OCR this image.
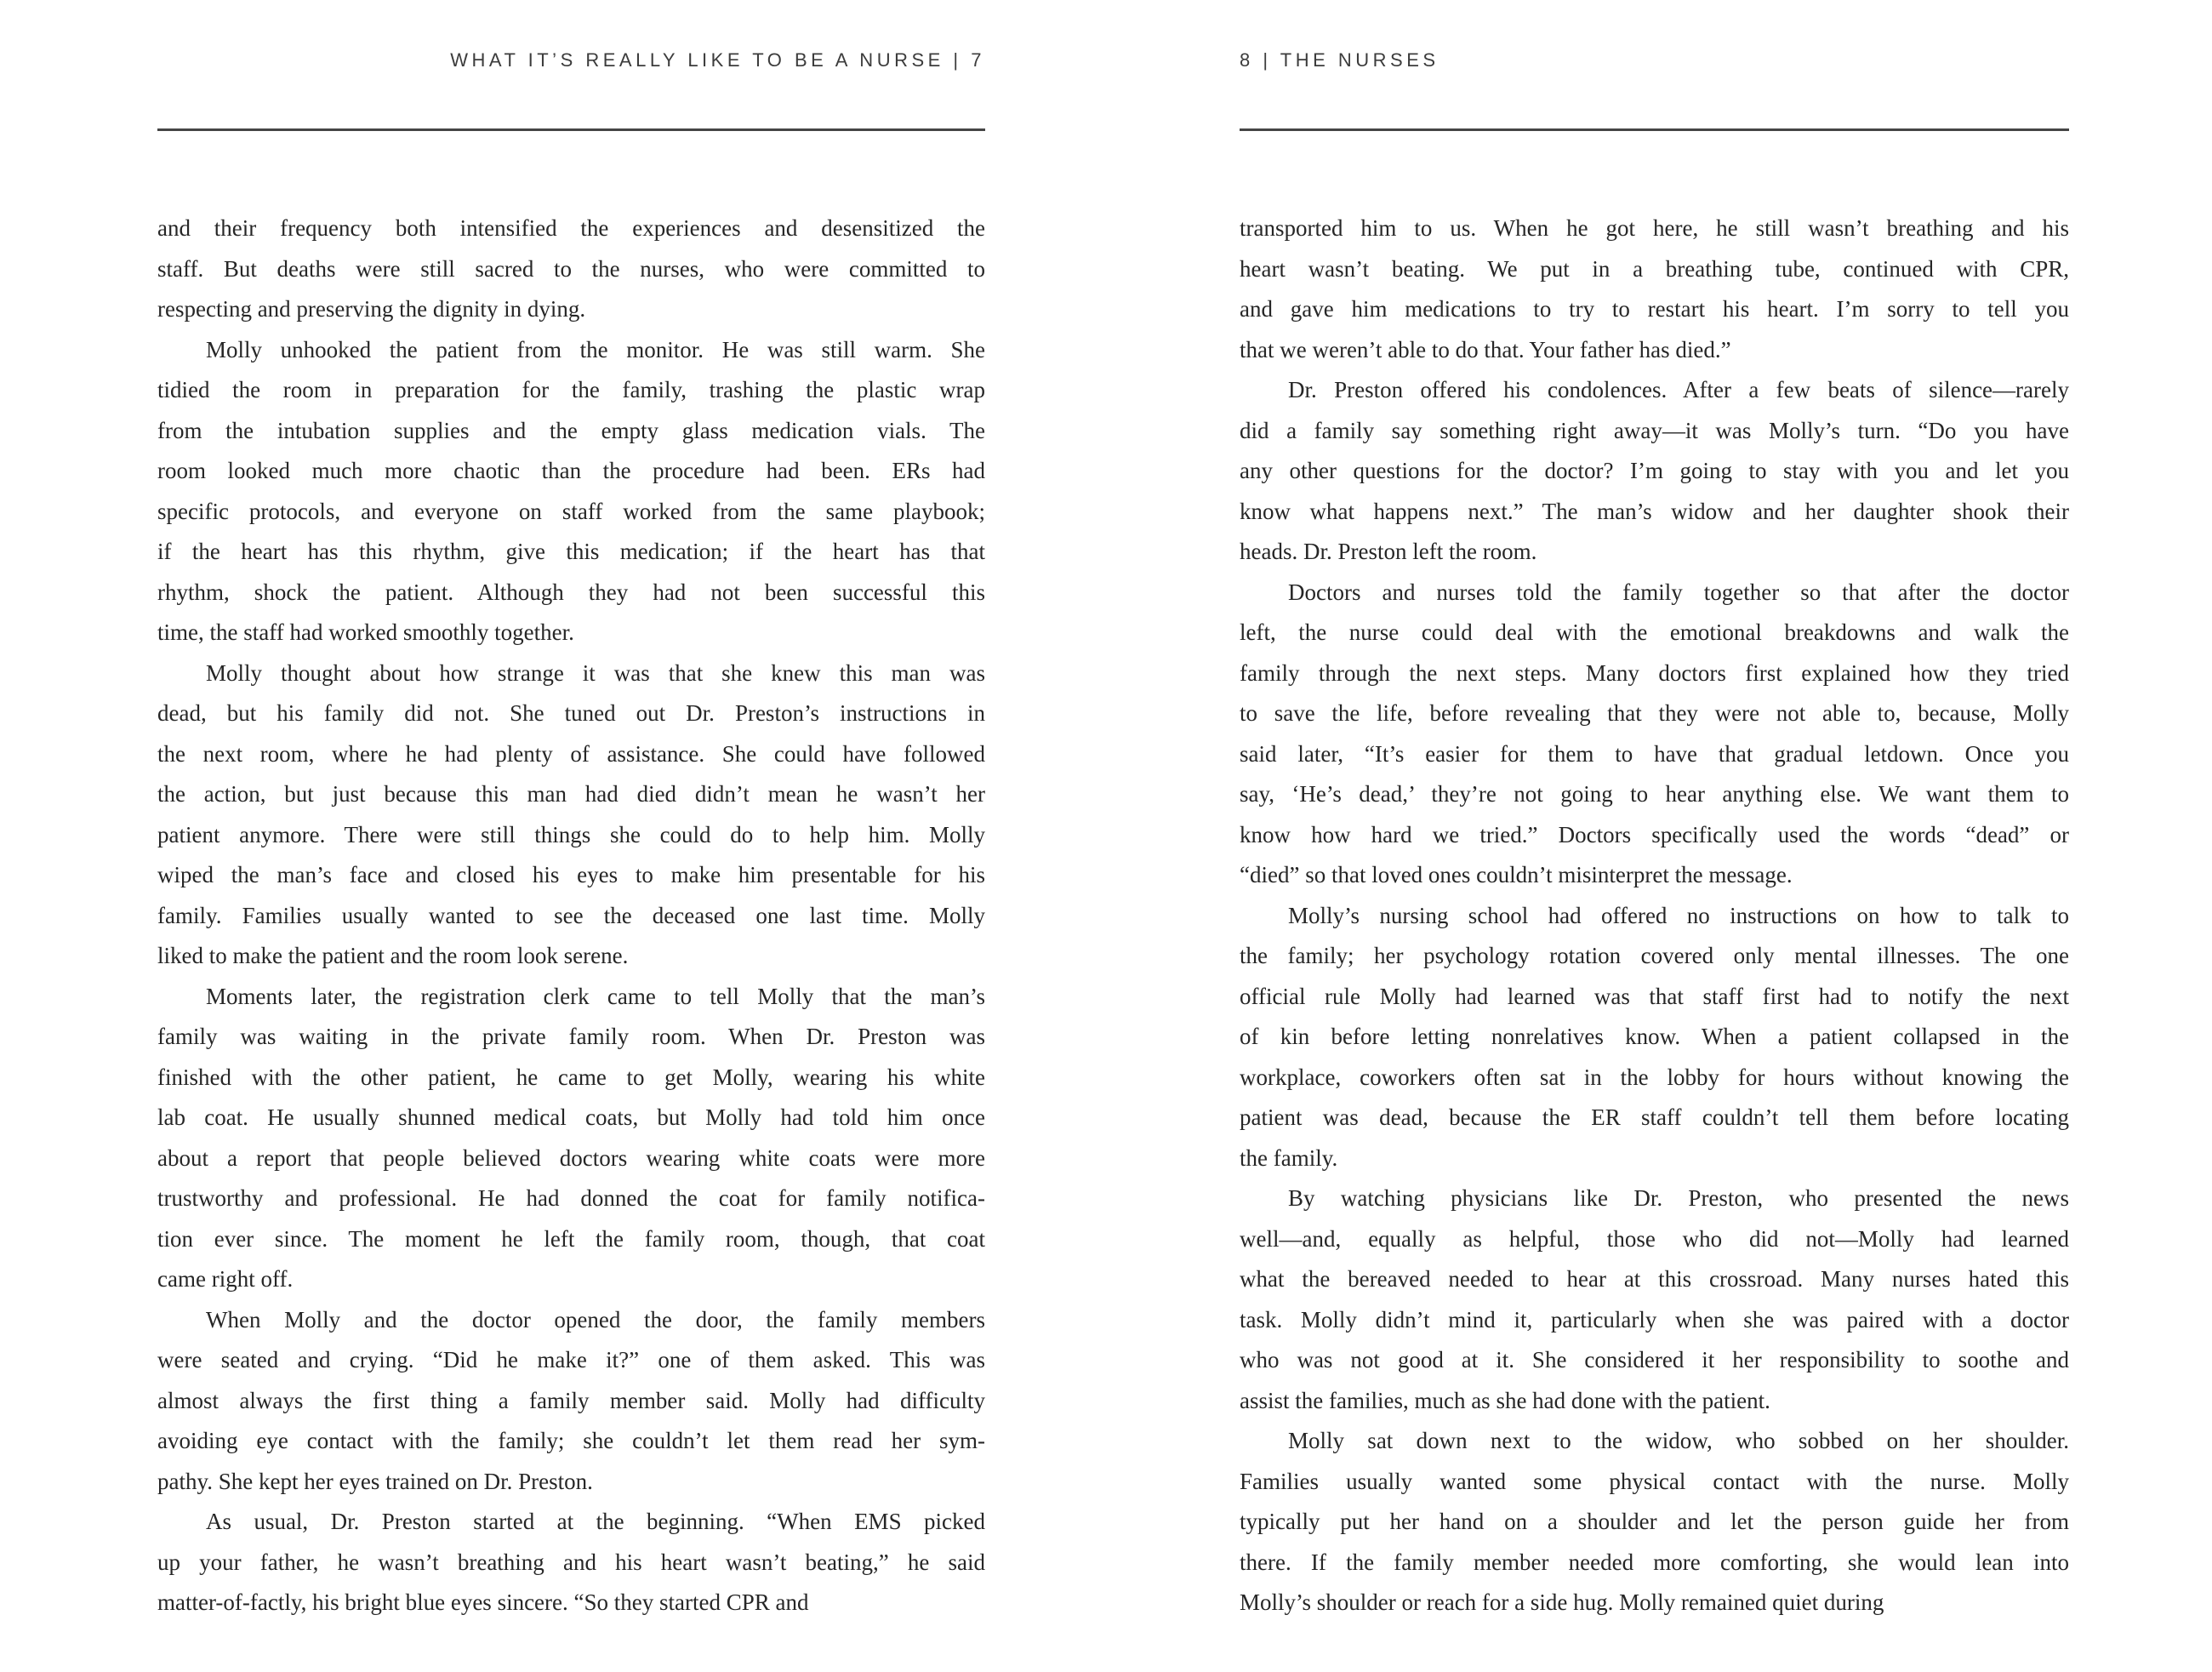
WHAT IT’S REALLY LIKE TO BE A NURSE | 7
and their frequency both intensified the experiences and desensitized the
staff. But deaths were still sacred to the nurses, who were committed to
respecting and preserving the dignity in dying.
Molly unhooked the patient from the monitor. He was still warm. She
tidied the room in preparation for the family, trashing the plastic wrap
from the intubation supplies and the empty glass medication vials. The
room looked much more chaotic than the procedure had been. ERs had
specific protocols, and everyone on staff worked from the same playbook;
if the heart has this rhythm, give this medication; if the heart has that
rhythm, shock the patient. Although they had not been successful this
time, the staff had worked smoothly together.
Molly thought about how strange it was that she knew this man was
dead, but his family did not. She tuned out Dr. Preston’s instructions in
the next room, where he had plenty of assistance. She could have followed
the action, but just because this man had died didn’t mean he wasn’t her
patient anymore. There were still things she could do to help him. Molly
wiped the man’s face and closed his eyes to make him presentable for his
family. Families usually wanted to see the deceased one last time. Molly
liked to make the patient and the room look serene.
Moments later, the registration clerk came to tell Molly that the man’s
family was waiting in the private family room. When Dr. Preston was
finished with the other patient, he came to get Molly, wearing his white
lab coat. He usually shunned medical coats, but Molly had told him once
about a report that people believed doctors wearing white coats were more
trustworthy and professional. He had donned the coat for family notifica-
tion ever since. The moment he left the family room, though, that coat
came right off.
When Molly and the doctor opened the door, the family members
were seated and crying. “Did he make it?” one of them asked. This was
almost always the first thing a family member said. Molly had difficulty
avoiding eye contact with the family; she couldn’t let them read her sym-
pathy. She kept her eyes trained on Dr. Preston.
As usual, Dr. Preston started at the beginning. “When EMS picked
up your father, he wasn’t breathing and his heart wasn’t beating,” he said
matter-of-factly, his bright blue eyes sincere. “So they started CPR and
8 | THE NURSES
transported him to us. When he got here, he still wasn’t breathing and his
heart wasn’t beating. We put in a breathing tube, continued with CPR,
and gave him medications to try to restart his heart. I’m sorry to tell you
that we weren’t able to do that. Your father has died.”
Dr. Preston offered his condolences. After a few beats of silence—rarely
did a family say something right away—it was Molly’s turn. “Do you have
any other questions for the doctor? I’m going to stay with you and let you
know what happens next.” The man’s widow and her daughter shook their
heads. Dr. Preston left the room.
Doctors and nurses told the family together so that after the doctor
left, the nurse could deal with the emotional breakdowns and walk the
family through the next steps. Many doctors first explained how they tried
to save the life, before revealing that they were not able to, because, Molly
said later, “It’s easier for them to have that gradual letdown. Once you
say, ‘He’s dead,’ they’re not going to hear anything else. We want them to
know how hard we tried.” Doctors specifically used the words “dead” or
“died” so that loved ones couldn’t misinterpret the message.
Molly’s nursing school had offered no instructions on how to talk to
the family; her psychology rotation covered only mental illnesses. The one
official rule Molly had learned was that staff first had to notify the next
of kin before letting nonrelatives know. When a patient collapsed in the
workplace, coworkers often sat in the lobby for hours without knowing the
patient was dead, because the ER staff couldn’t tell them before locating
the family.
By watching physicians like Dr. Preston, who presented the news
well—and, equally as helpful, those who did not—Molly had learned
what the bereaved needed to hear at this crossroad. Many nurses hated this
task. Molly didn’t mind it, particularly when she was paired with a doctor
who was not good at it. She considered it her responsibility to soothe and
assist the families, much as she had done with the patient.
Molly sat down next to the widow, who sobbed on her shoulder.
Families usually wanted some physical contact with the nurse. Molly
typically put her hand on a shoulder and let the person guide her from
there. If the family member needed more comforting, she would lean into
Molly’s shoulder or reach for a side hug. Molly remained quiet during
